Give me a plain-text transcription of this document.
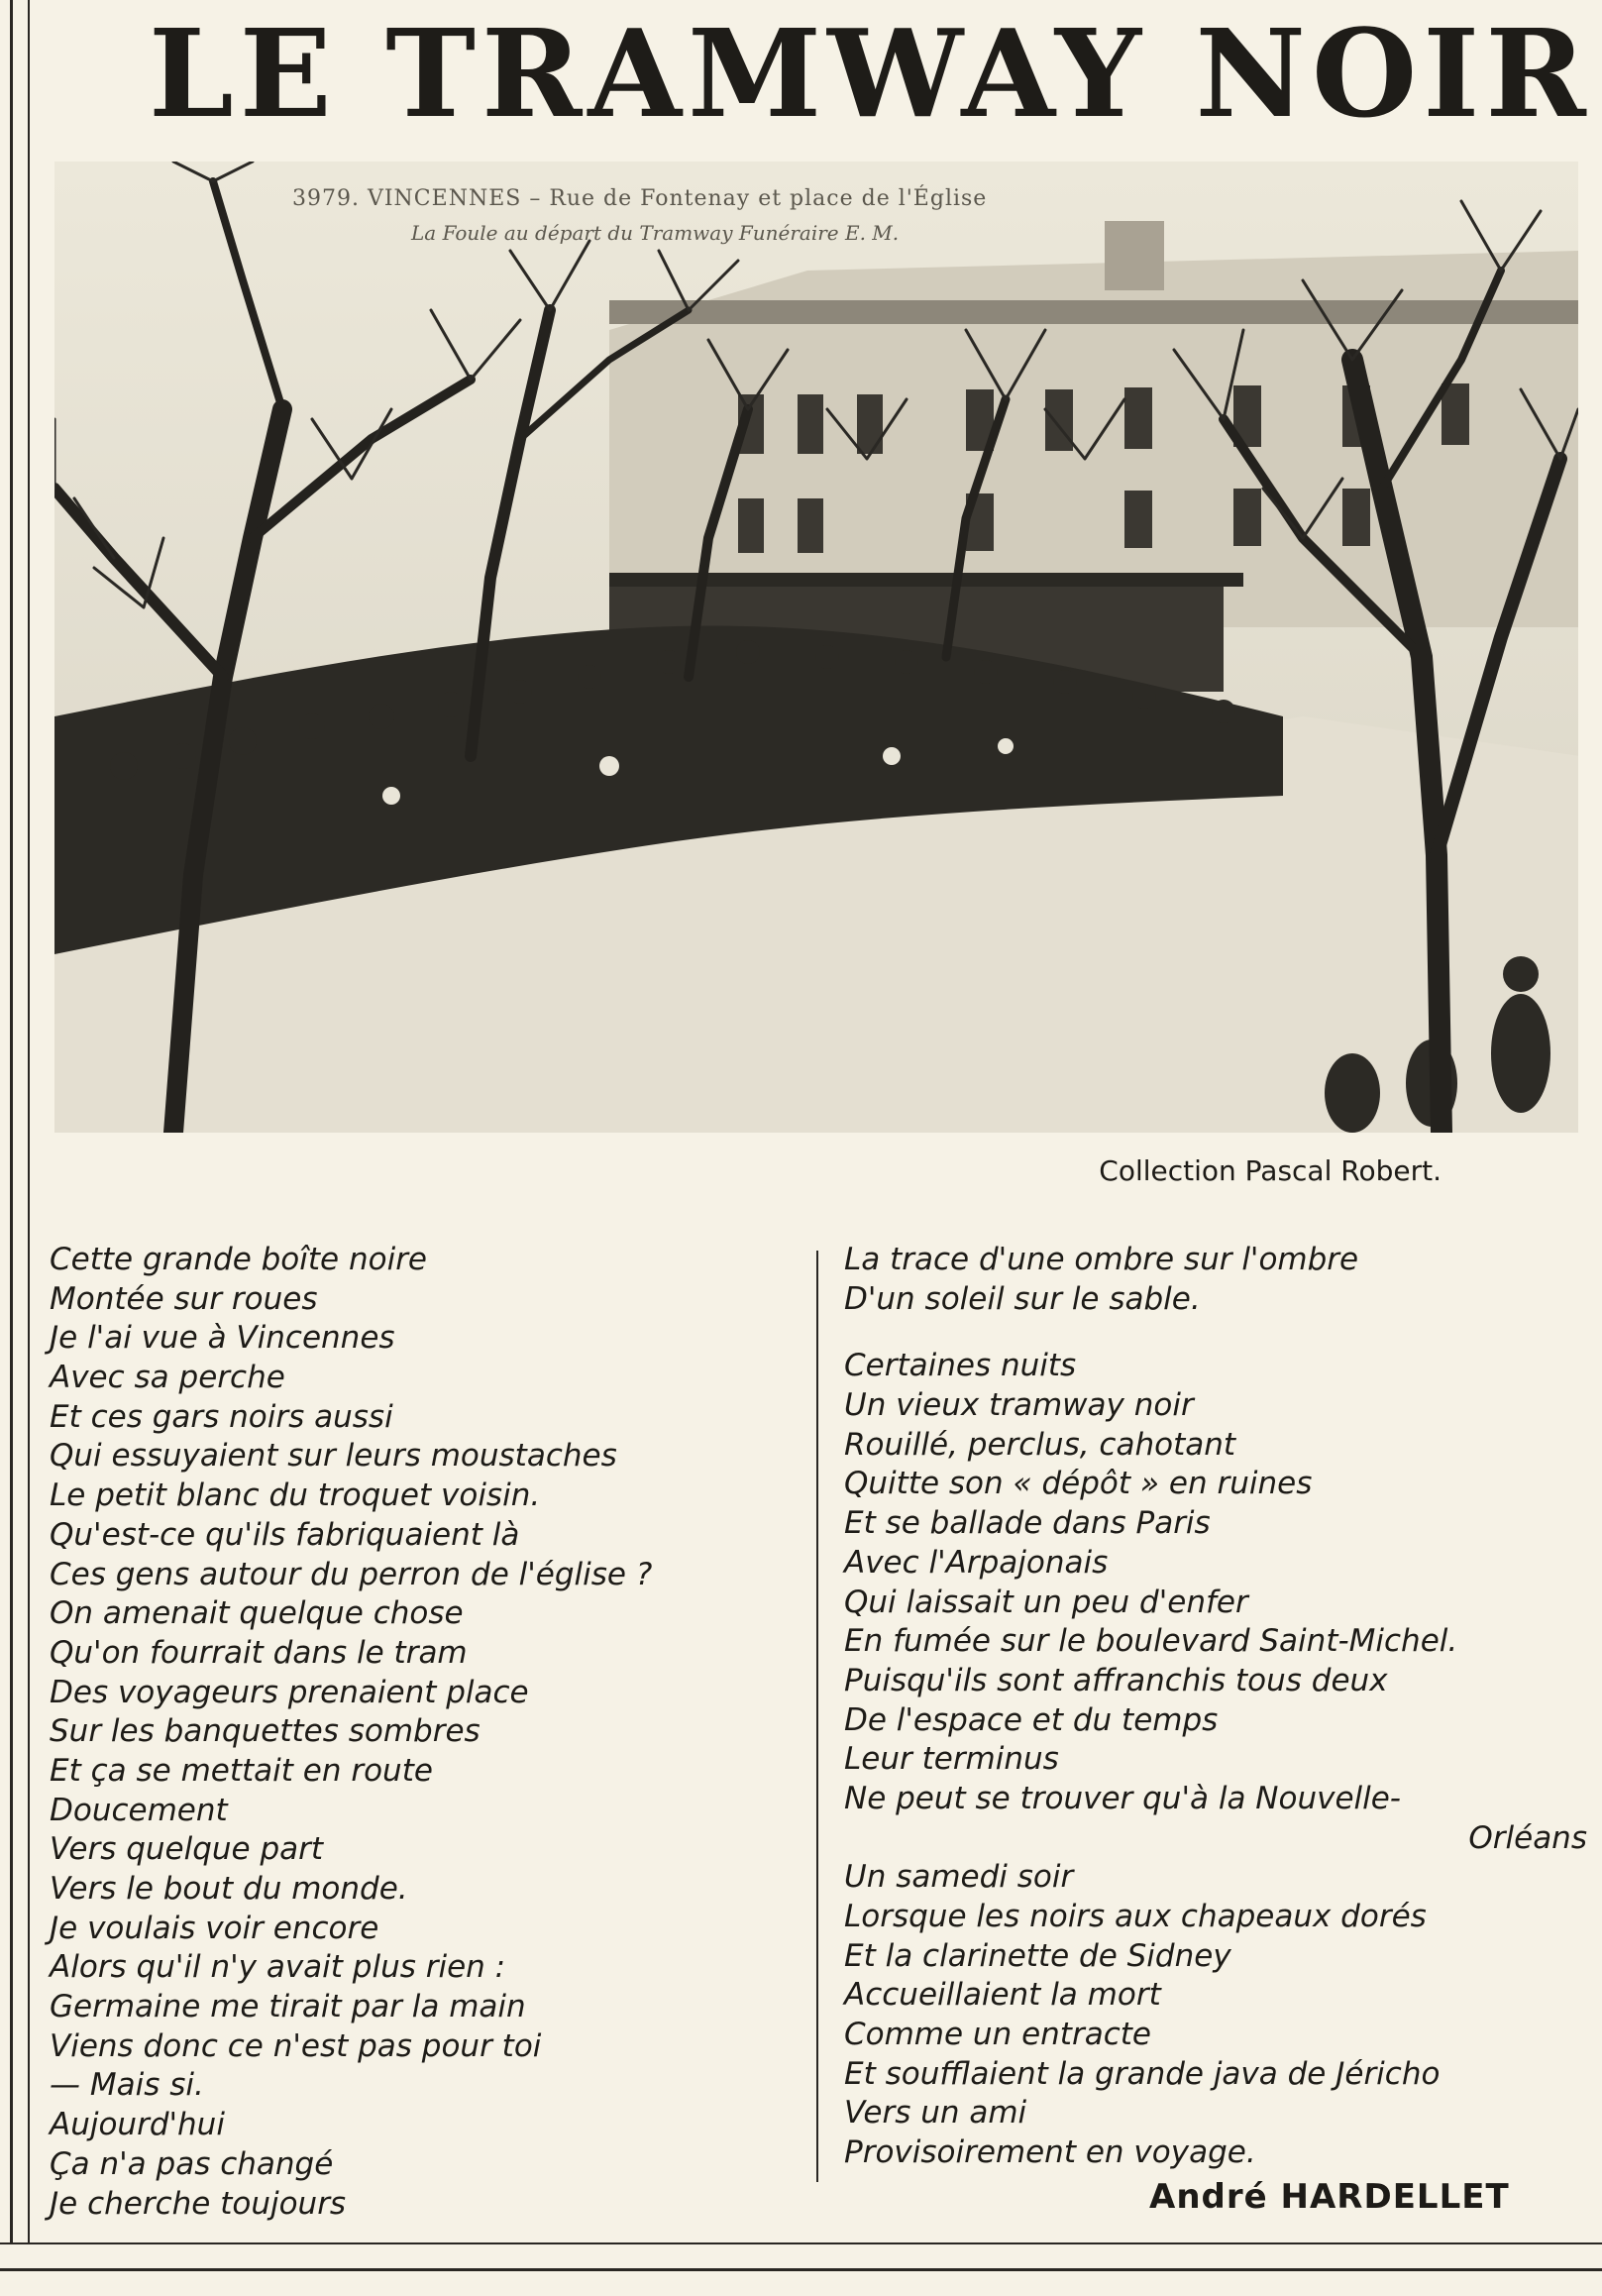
LE TRAMWAY NOIR
3979. VINCENNES – Rue de Fontenay et place de l'Église
La Foule au départ du Tramway Funéraire E. M.
Collection Pascal Robert.
Cette grande boîte noire
Montée sur roues
Je l'ai vue à Vincennes
Avec sa perche
Et ces gars noirs aussi
Qui essuyaient sur leurs moustaches
Le petit blanc du troquet voisin.
Qu'est-ce qu'ils fabriquaient là
Ces gens autour du perron de l'église ?
On amenait quelque chose
Qu'on fourrait dans le tram
Des voyageurs prenaient place
Sur les banquettes sombres
Et ça se mettait en route
Doucement
Vers quelque part
Vers le bout du monde.
Je voulais voir encore
Alors qu'il n'y avait plus rien :
Germaine me tirait par la main
Viens donc ce n'est pas pour toi
— Mais si.
Aujourd'hui
Ça n'a pas changé
Je cherche toujours
La trace d'une ombre sur l'ombre
D'un soleil sur le sable.
Certaines nuits
Un vieux tramway noir
Rouillé, perclus, cahotant
Quitte son « dépôt » en ruines
Et se ballade dans Paris
Avec l'Arpajonais
Qui laissait un peu d'enfer
En fumée sur le boulevard Saint-Michel.
Puisqu'ils sont affranchis tous deux
De l'espace et du temps
Leur terminus
Ne peut se trouver qu'à la Nouvelle-
Orléans
Un samedi soir
Lorsque les noirs aux chapeaux dorés
Et la clarinette de Sidney
Accueillaient la mort
Comme un entracte
Et soufflaient la grande java de Jéricho
Vers un ami
Provisoirement en voyage.
André HARDELLET
